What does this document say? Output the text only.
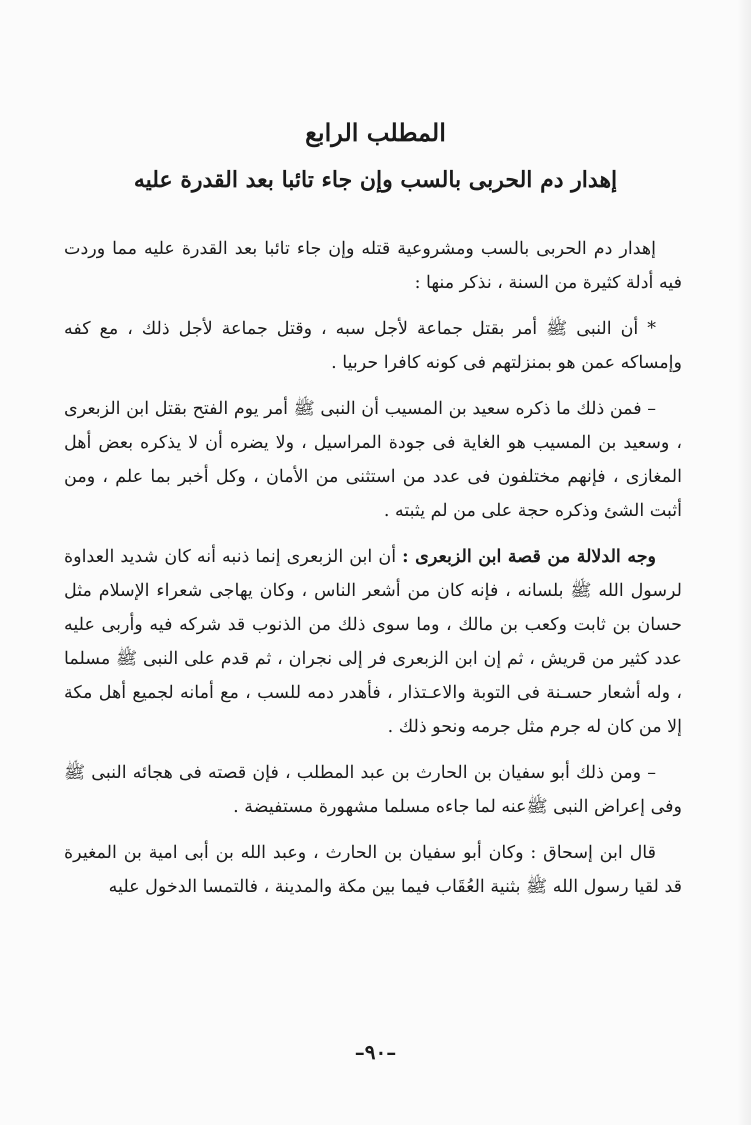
المطلب الرابع
إهدار دم الحربى بالسب وإن جاء تائبا بعد القدرة عليه

إهدار دم الحربى بالسب ومشروعية قتله وإن جاء تائبا بعد القدرة عليه مما وردت فيه أدلة كثيرة من السنة ، نذكر منها :

* أن النبى ﷺ أمر بقتل جماعة لأجل سبه ، وقتل جماعة لأجل ذلك ، مع كفه وإمساكه عمن هو بمنزلتهم فى كونه كافرا حربيا .

– فمن ذلك ما ذكره سعيد بن المسيب أن النبى ﷺ أمر يوم الفتح بقتل ابن الزبعرى ، وسعيد بن المسيب هو الغاية فى جودة المراسيل ، ولا يضره أن لا يذكره بعض أهل المغازى ، فإنهم مختلفون فى عدد من استثنى من الأمان ، وكل أخبر بما علم ، ومن أثبت الشئ وذكره حجة على من لم يثبته .

وجه الدلالة من قصة ابن الزبعرى : أن ابن الزبعرى إنما ذنبه أنه كان شديد العداوة لرسول الله ﷺ بلسانه ، فإنه كان من أشعر الناس ، وكان يهاجى شعراء الإسلام مثل حسان بن ثابت وكعب بن مالك ، وما سوى ذلك من الذنوب قد شركه فيه وأربى عليه عدد كثير من قريش ، ثم إن ابن الزبعرى فر إلى نجران ، ثم قدم على النبى ﷺ مسلما ، وله أشعار حسـنة فى التوبة والاعـتذار ، فأهدر دمه للسب ، مع أمانه لجميع أهل مكة إلا من كان له جرم مثل جرمه ونحو ذلك .

– ومن ذلك أبو سفيان بن الحارث بن عبد المطلب ، فإن قصته فى هجائه النبى ﷺ وفى إعراض النبى ﷺعنه لما جاءه مسلما مشهورة مستفيضة .

قال ابن إسحاق : وكان أبو سفيان بن الحارث ، وعبد الله بن أبى امية بن المغيرة قد لقيا رسول الله ﷺ بثنية العُقَاب فيما بين مكة والمدينة ، فالتمسا الدخول عليه

–٩٠–
